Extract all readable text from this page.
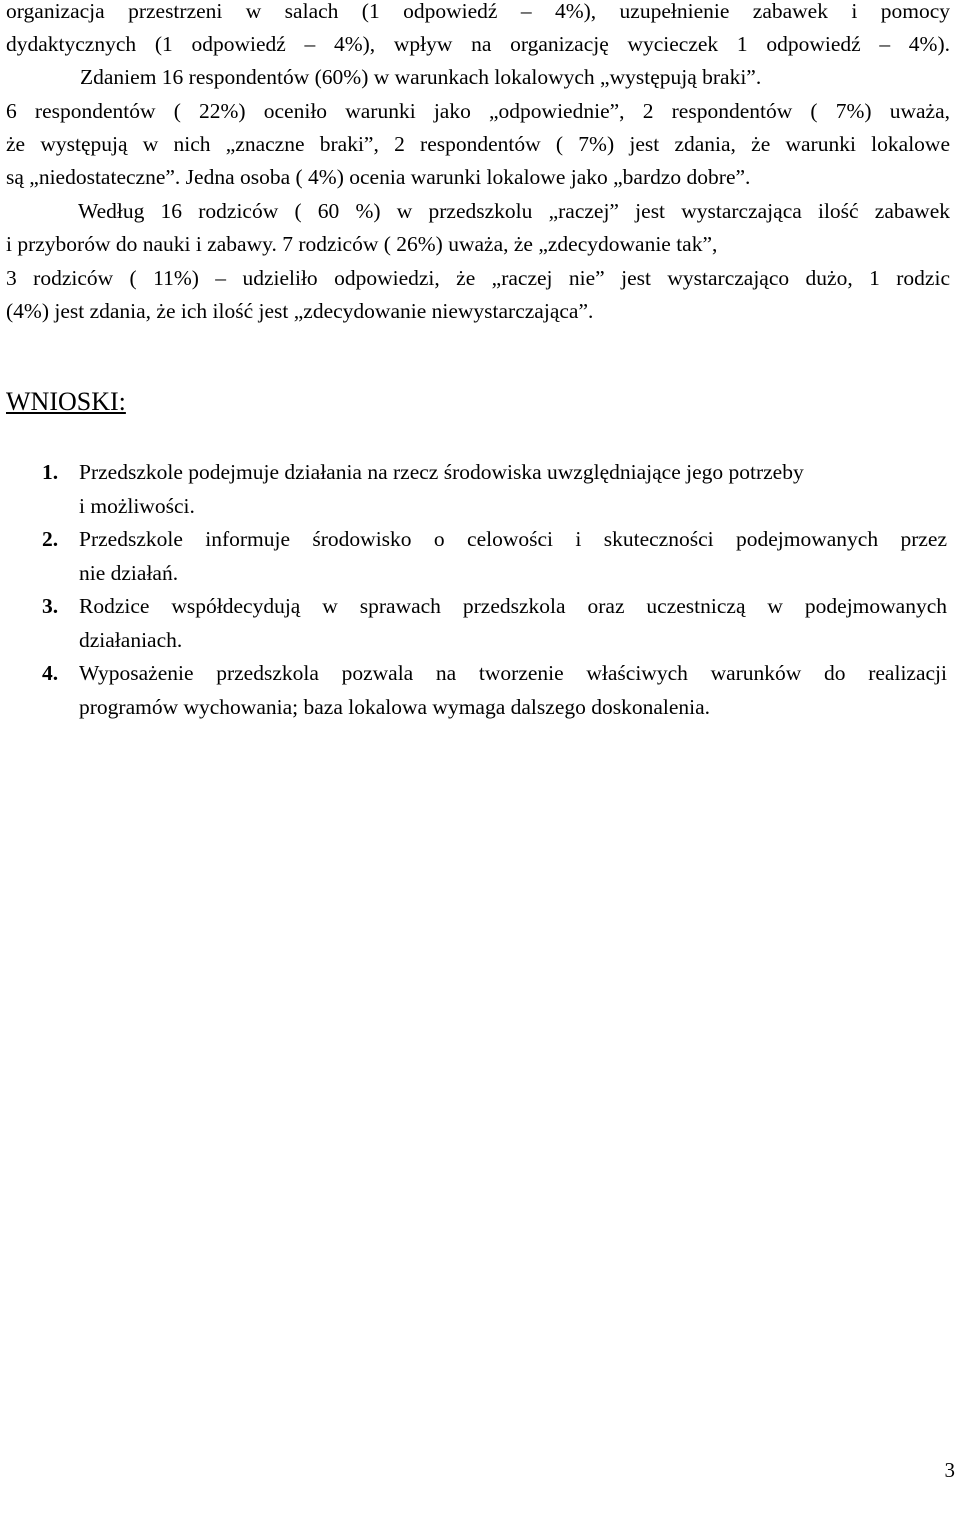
organizacja przestrzeni w salach (1 odpowiedź – 4%), uzupełnienie zabawek i pomocy
dydaktycznych (1 odpowiedź – 4%), wpływ na organizację wycieczek 1 odpowiedź – 4%).
Zdaniem 16 respondentów (60%) w warunkach lokalowych „występują braki”.
6 respondentów ( 22%) oceniło warunki jako „odpowiednie”, 2 respondentów ( 7%) uważa,
że występują w nich „znaczne braki”, 2 respondentów ( 7%) jest zdania, że warunki lokalowe
są „niedostateczne”. Jedna osoba ( 4%) ocenia warunki lokalowe jako „bardzo dobre”.
Według 16 rodziców ( 60 %) w przedszkolu „raczej” jest wystarczająca ilość zabawek
i przyborów do nauki i zabawy. 7 rodziców ( 26%) uważa, że „zdecydowanie tak”,
3 rodziców ( 11%) – udzieliło odpowiedzi, że „raczej nie” jest wystarczająco dużo, 1 rodzic
(4%) jest zdania, że ich ilość jest „zdecydowanie niewystarczająca”.
WNIOSKI:
1. Przedszkole podejmuje działania na rzecz środowiska uwzględniające jego potrzeby
i możliwości.
2. Przedszkole informuje środowisko o celowości i skuteczności podejmowanych przez
nie działań.
3. Rodzice współdecydują w sprawach przedszkola oraz uczestniczą w podejmowanych
działaniach.
4. Wyposażenie przedszkola pozwala na tworzenie właściwych warunków do realizacji
programów wychowania; baza lokalowa wymaga dalszego doskonalenia.
3
